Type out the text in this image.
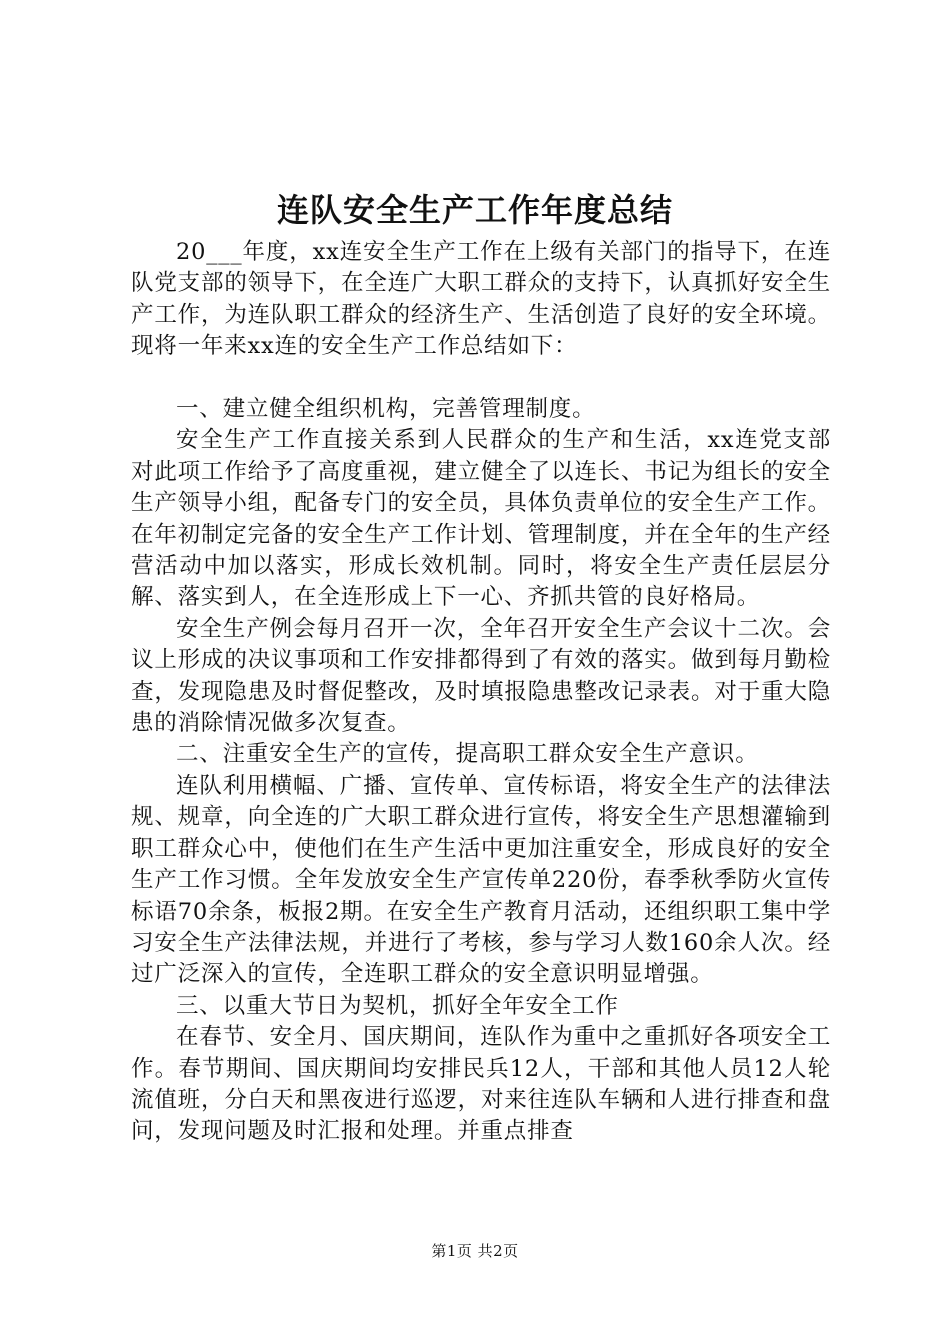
连队安全生产工作年度总结

20___年度，xx连安全生产工作在上级有关部门的指导下，在连队党支部的领导下，在全连广大职工群众的支持下，认真抓好安全生产工作，为连队职工群众的经济生产、生活创造了良好的安全环境。现将一年来xx连的安全生产工作总结如下：

一、建立健全组织机构，完善管理制度。

安全生产工作直接关系到人民群众的生产和生活，xx连党支部对此项工作给予了高度重视，建立健全了以连长、书记为组长的安全生产领导小组，配备专门的安全员，具体负责单位的安全生产工作。在年初制定完备的安全生产工作计划、管理制度，并在全年的生产经营活动中加以落实，形成长效机制。同时，将安全生产责任层层分解、落实到人，在全连形成上下一心、齐抓共管的良好格局。

安全生产例会每月召开一次，全年召开安全生产会议十二次。会议上形成的决议事项和工作安排都得到了有效的落实。做到每月勤检查，发现隐患及时督促整改，及时填报隐患整改记录表。对于重大隐患的消除情况做多次复查。

二、注重安全生产的宣传，提高职工群众安全生产意识。

连队利用横幅、广播、宣传单、宣传标语，将安全生产的法律法规、规章，向全连的广大职工群众进行宣传，将安全生产思想灌输到职工群众心中，使他们在生产生活中更加注重安全，形成良好的安全生产工作习惯。全年发放安全生产宣传单220份，春季秋季防火宣传标语70余条，板报2期。在安全生产教育月活动，还组织职工集中学习安全生产法律法规，并进行了考核，参与学习人数160余人次。经过广泛深入的宣传，全连职工群众的安全意识明显增强。

三、以重大节日为契机，抓好全年安全工作

在春节、安全月、国庆期间，连队作为重中之重抓好各项安全工作。春节期间、国庆期间均安排民兵12人，干部和其他人员12人轮流值班，分白天和黑夜进行巡逻，对来往连队车辆和人进行排查和盘问，发现问题及时汇报和处理。并重点排查

第1页 共2页
